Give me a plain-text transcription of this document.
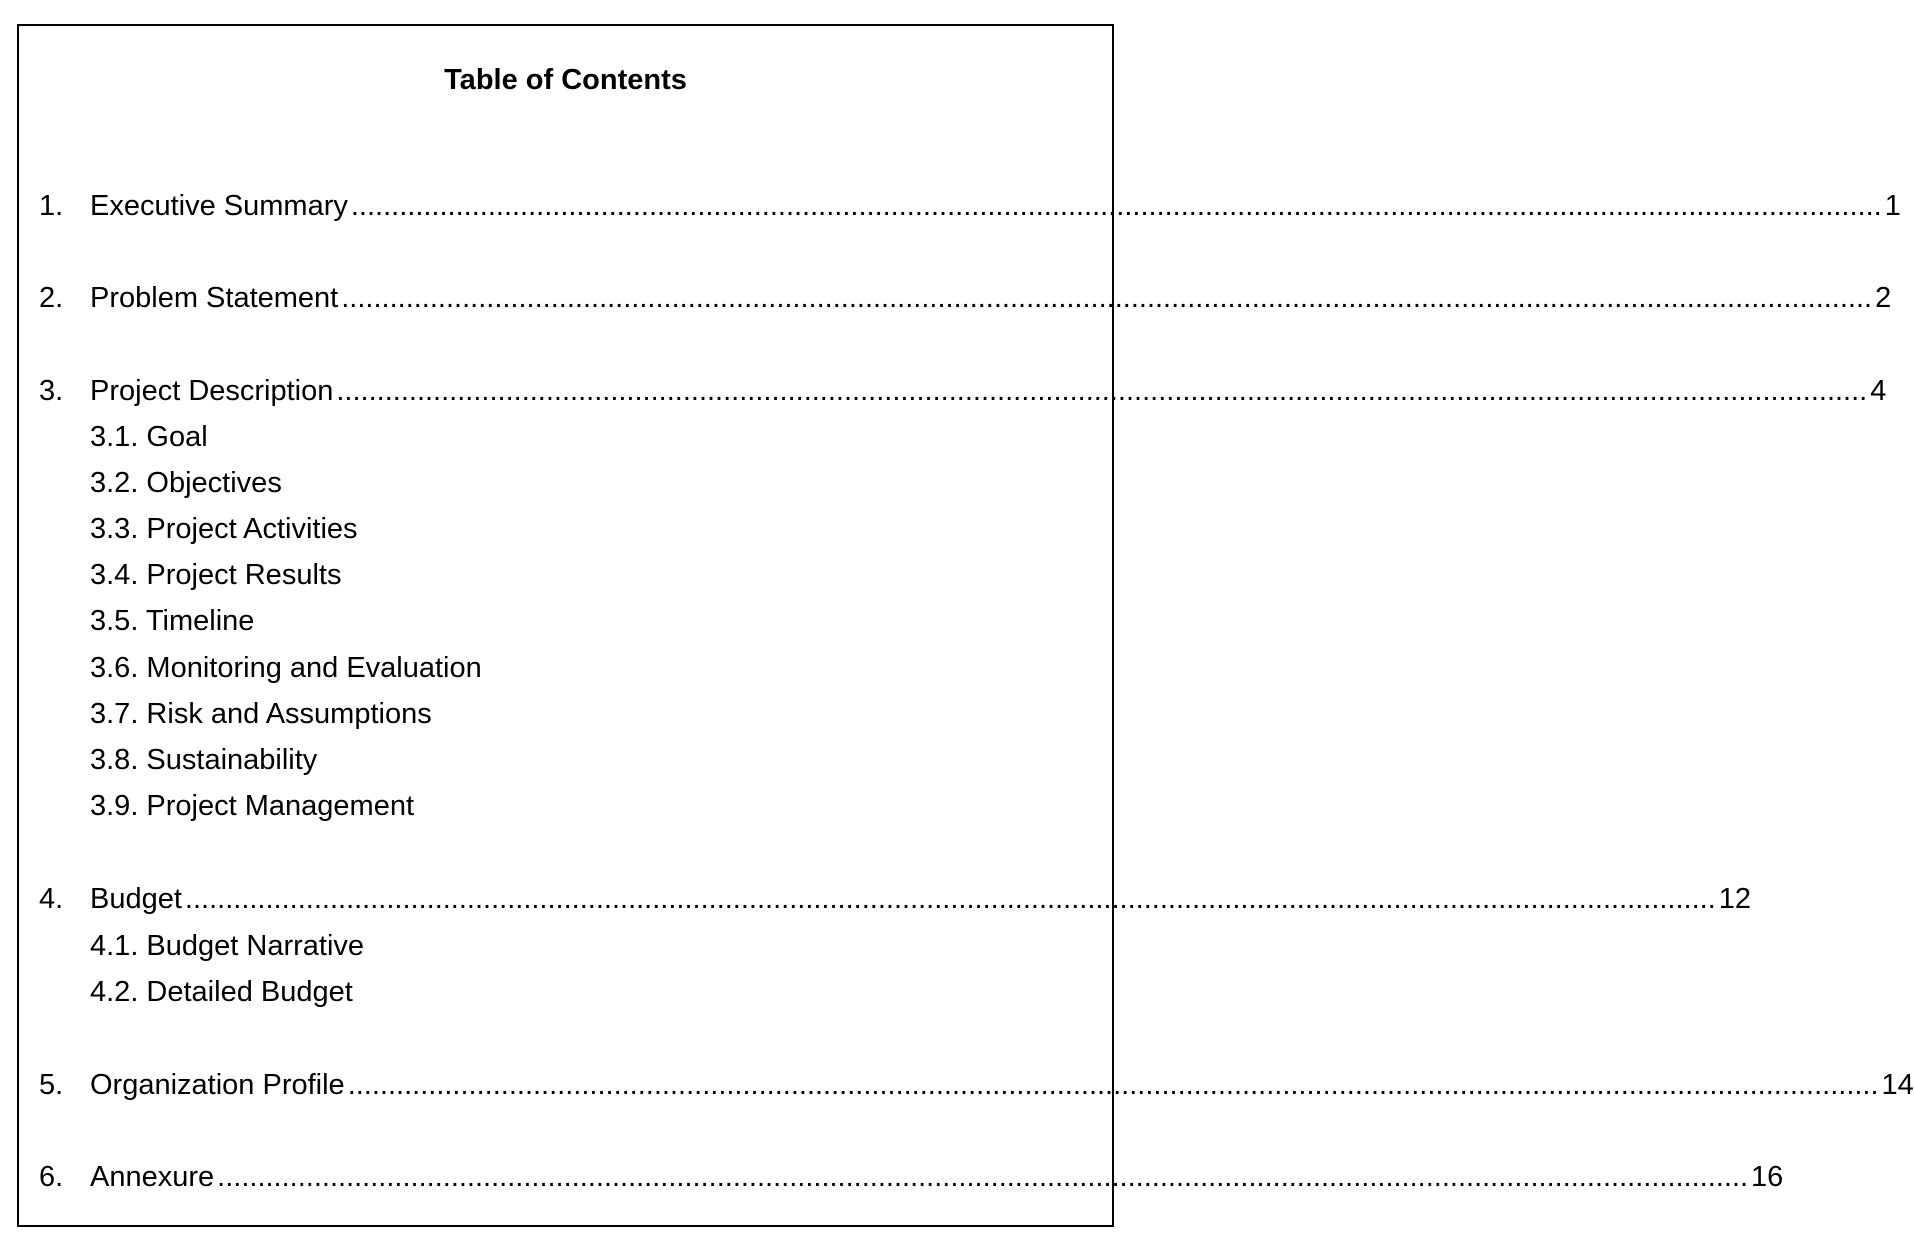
Table of Contents
1. Executive Summary .............................................................................................................................................................................................. 1
2. Problem Statement .............................................................................................................................................................................................. 2
3. Project Description .............................................................................................................................................................................................. 4
3.1. Goal
3.2. Objectives
3.3. Project Activities
3.4. Project Results
3.5. Timeline
3.6. Monitoring and Evaluation
3.7. Risk and Assumptions
3.8. Sustainability
3.9. Project Management
4. Budget .............................................................................................................................................................................................. 12
4.1. Budget Narrative
4.2. Detailed Budget
5. Organization Profile .............................................................................................................................................................................................. 14
6. Annexure .............................................................................................................................................................................................. 16
